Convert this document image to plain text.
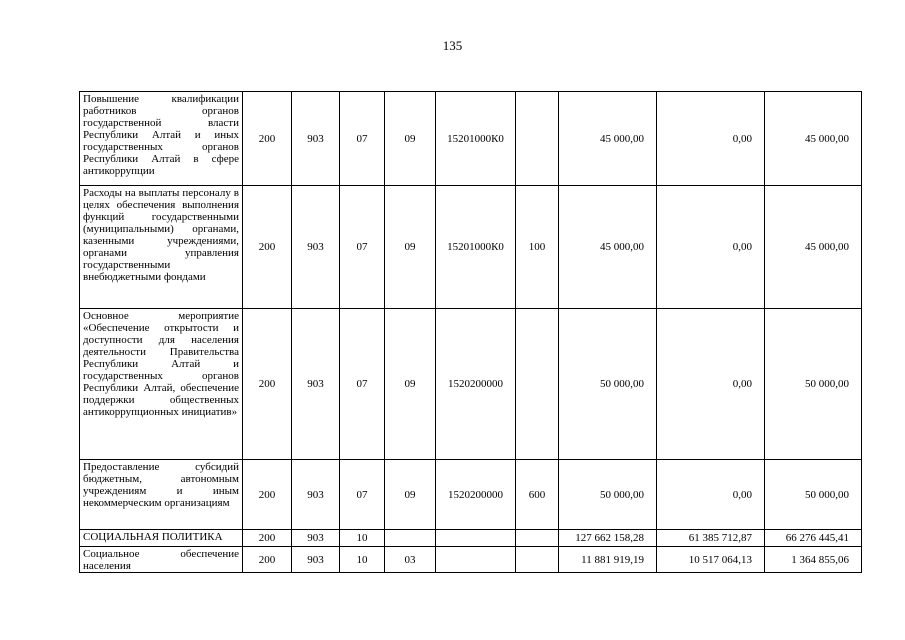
135
Повышение квалификации работников органов государственной власти Республики Алтай и иных государственных органов Республики Алтай в сфере антикоррупции	200	903	07	09	15201000К0		45 000,00	0,00	45 000,00
Расходы на выплаты персоналу в целях обеспечения выполнения функций государственными (муниципальными) органами, казенными учреждениями, органами управления государственными внебюджетными фондами	200	903	07	09	15201000К0	100	45 000,00	0,00	45 000,00
Основное мероприятие «Обеспечение открытости и доступности для населения деятельности Правительства Республики Алтай и государственных органов Республики Алтай, обеспечение поддержки общественных антикоррупционных инициатив»	200	903	07	09	1520200000		50 000,00	0,00	50 000,00
Предоставление субсидий бюджетным, автономным учреждениям и иным некоммерческим организациям	200	903	07	09	1520200000	600	50 000,00	0,00	50 000,00
СОЦИАЛЬНАЯ ПОЛИТИКА	200	903	10				127 662 158,28	61 385 712,87	66 276 445,41
Социальное обеспечение населения	200	903	10	03			11 881 919,19	10 517 064,13	1 364 855,06
